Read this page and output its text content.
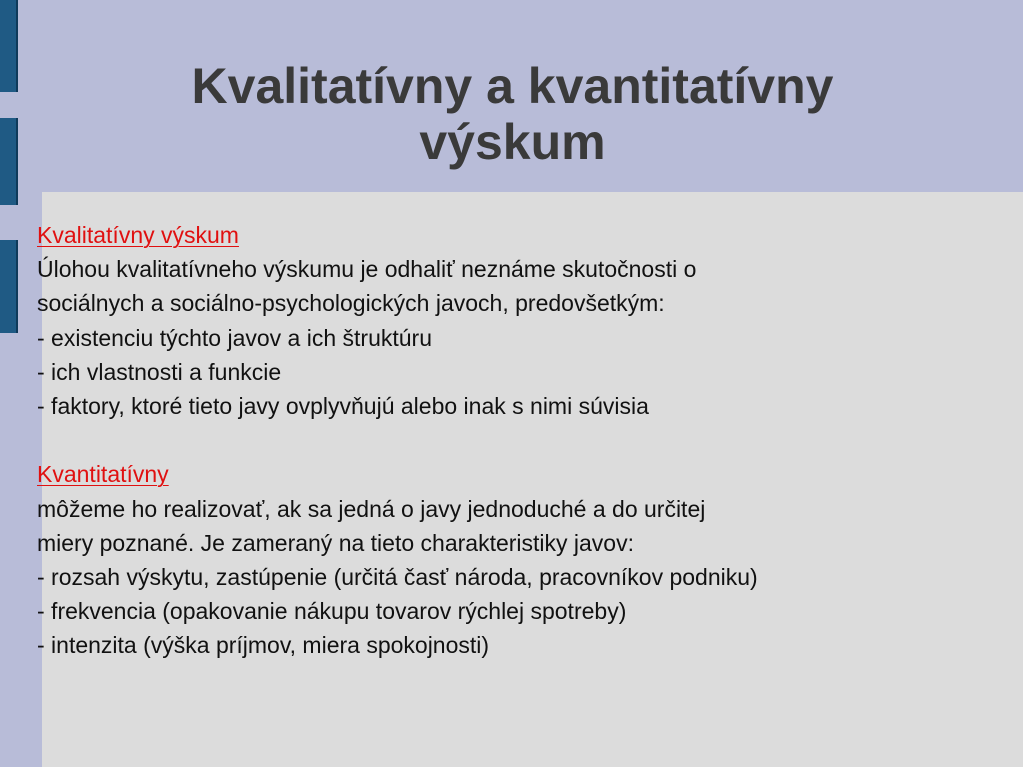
Kvalitatívny a kvantitatívny
výskum
Kvalitatívny výskum
Úlohou kvalitatívneho výskumu je odhaliť neznáme skutočnosti o
sociálnych a sociálno-psychologických javoch, predovšetkým:
- existenciu týchto javov a ich štruktúru
- ich vlastnosti a funkcie
- faktory, ktoré tieto javy ovplyvňujú alebo inak s nimi súvisia
Kvantitatívny
môžeme ho realizovať, ak sa jedná o javy jednoduché a do určitej
miery poznané. Je zameraný na tieto charakteristiky javov:
- rozsah výskytu, zastúpenie (určitá časť národa, pracovníkov podniku)
- frekvencia (opakovanie nákupu tovarov rýchlej spotreby)
- intenzita (výška príjmov, miera spokojnosti)
